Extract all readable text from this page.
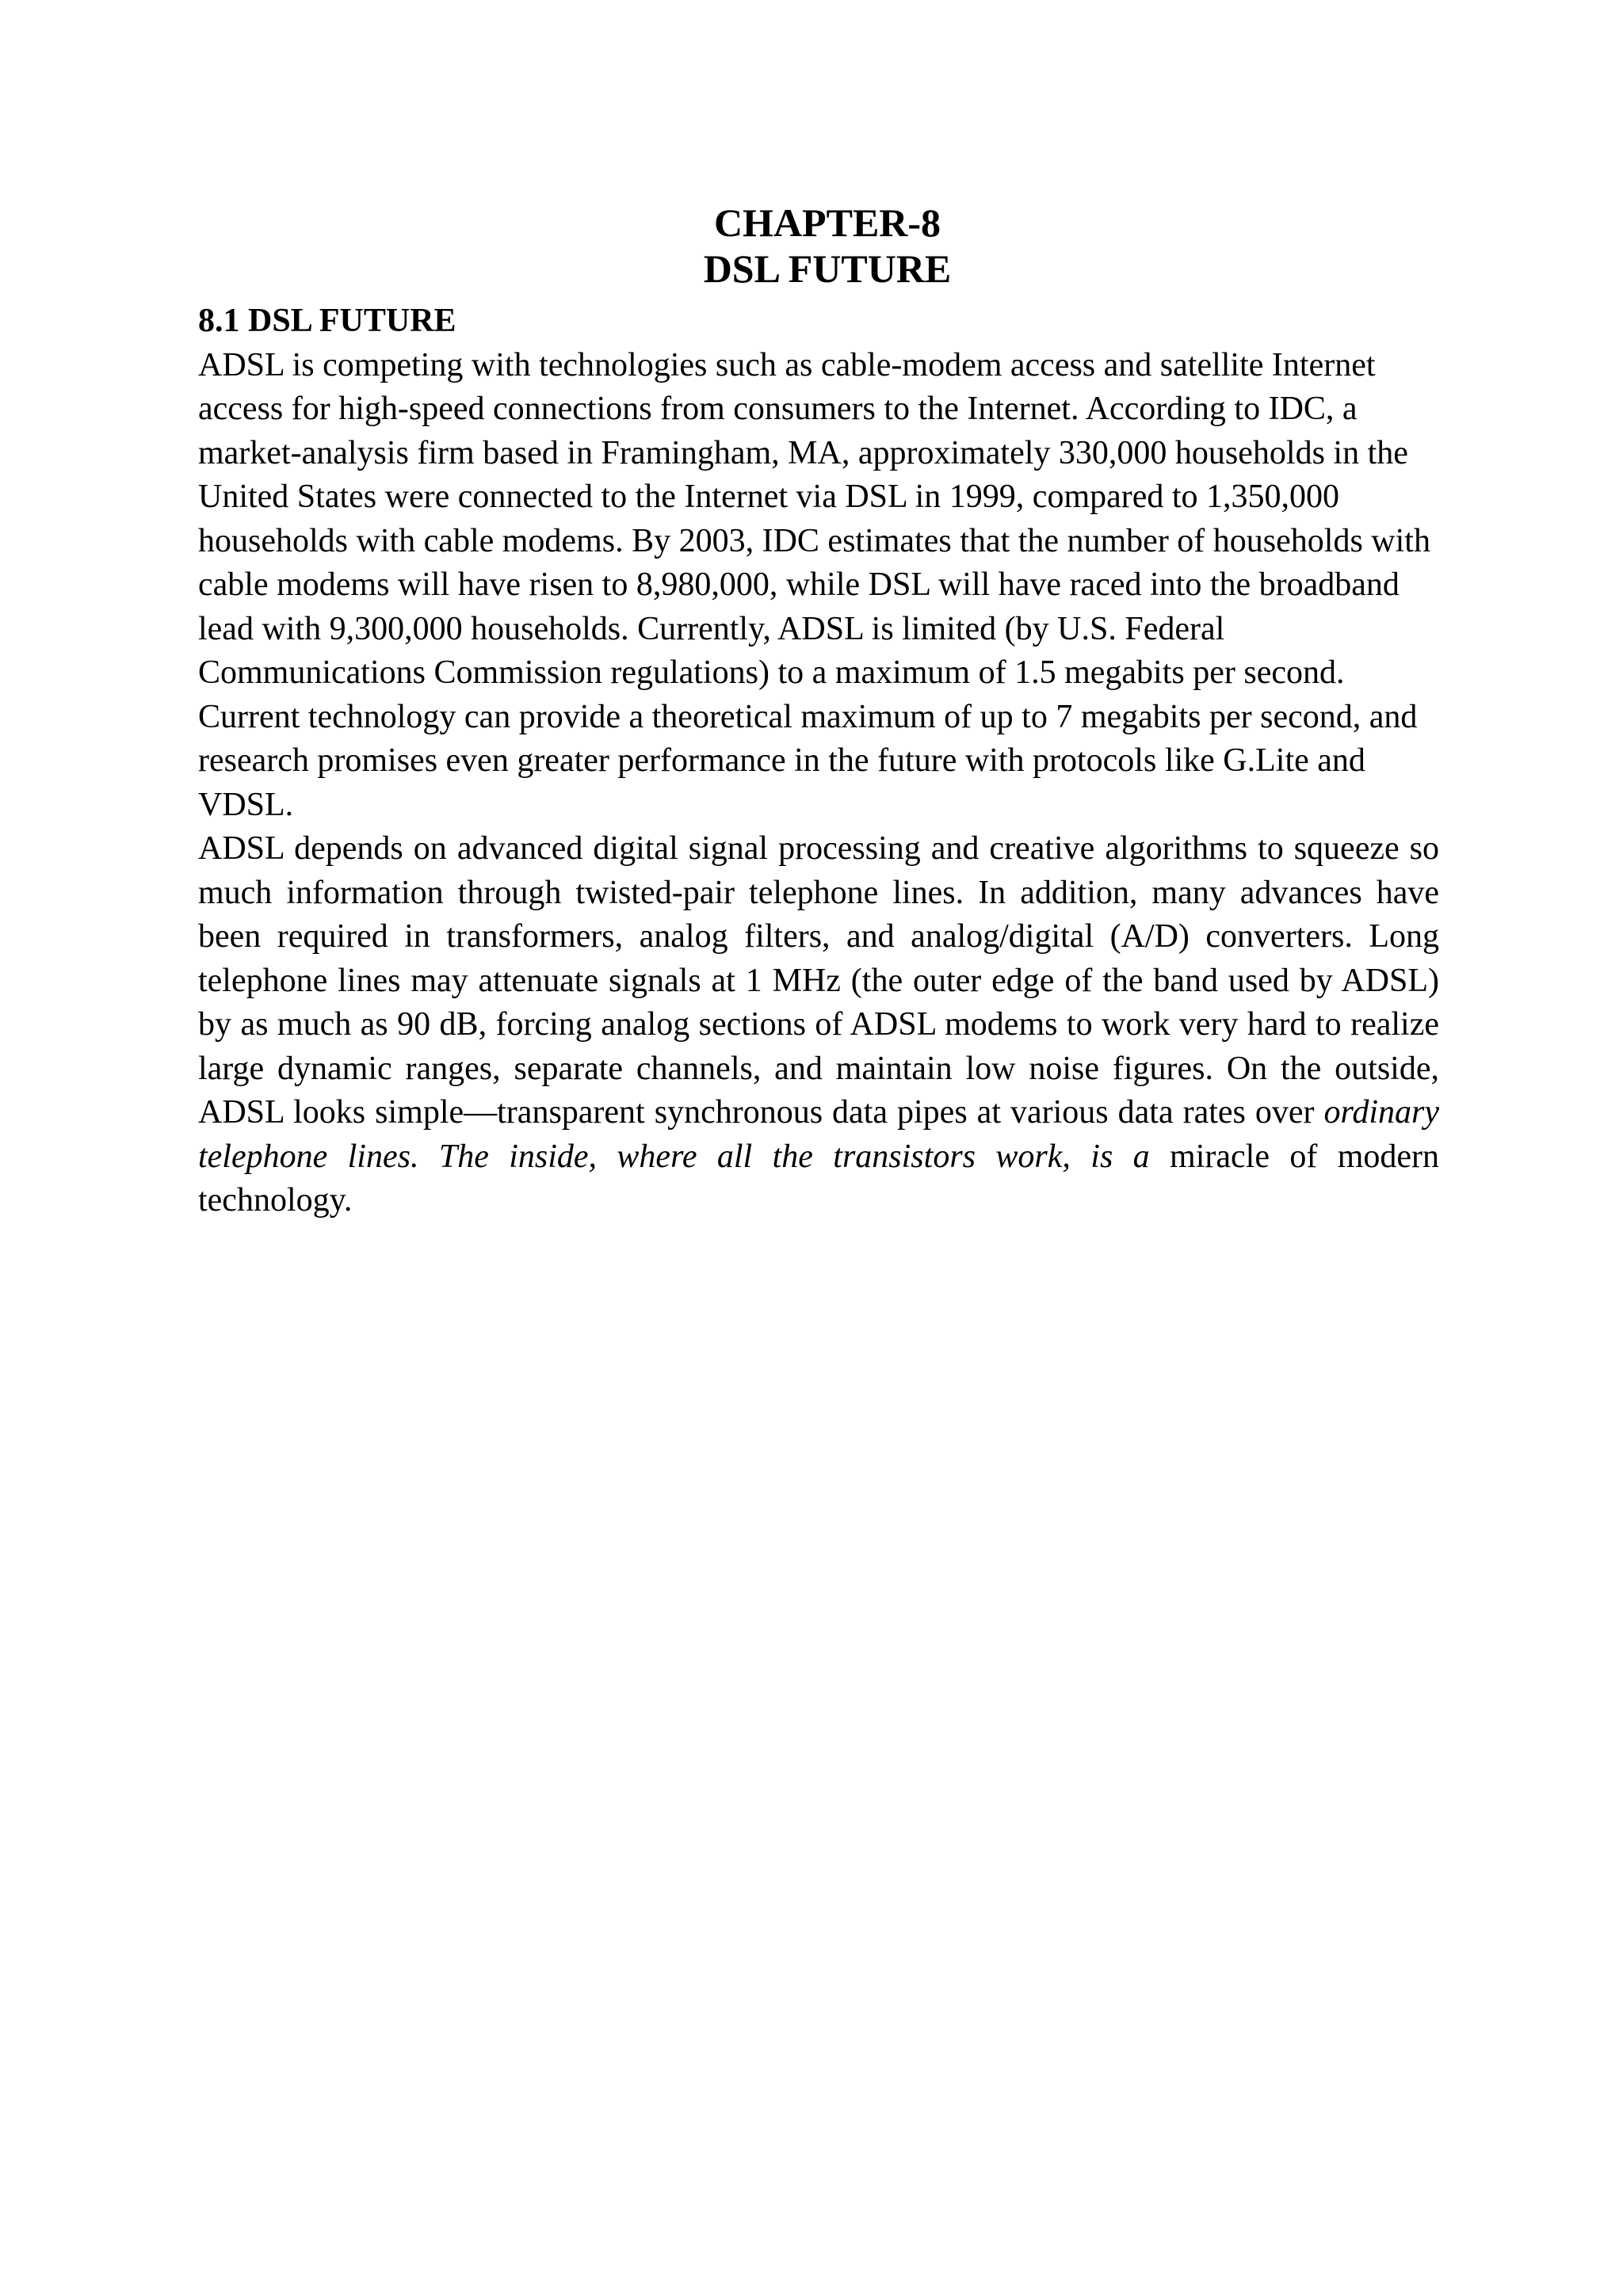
CHAPTER-8
DSL FUTURE
8.1 DSL FUTURE

ADSL is competing with technologies such as cable-modem access and satellite Internet access for high-speed connections from consumers to the Internet. According to IDC, a market-analysis firm based in Framingham, MA, approximately 330,000 households in the United States were connected to the Internet via DSL in 1999, compared to 1,350,000 households with cable modems. By 2003, IDC estimates that the number of households with cable modems will have risen to 8,980,000, while DSL will have raced into the broadband lead with 9,300,000 households. Currently, ADSL is limited (by U.S. Federal Communications Commission regulations) to a maximum of 1.5 megabits per second. Current technology can provide a theoretical maximum of up to 7 megabits per second, and research promises even greater performance in the future with protocols like G.Lite and VDSL.

ADSL depends on advanced digital signal processing and creative algorithms to squeeze so much information through twisted-pair telephone lines. In addition, many advances have been required in transformers, analog filters, and analog/digital (A/D) converters. Long telephone lines may attenuate signals at 1 MHz (the outer edge of the band used by ADSL) by as much as 90 dB, forcing analog sections of ADSL modems to work very hard to realize large dynamic ranges, separate channels, and maintain low noise figures. On the outside, ADSL looks simple—transparent synchronous data pipes at various data rates over ordinary telephone lines. The inside, where all the transistors work, is a miracle of modern technology.
